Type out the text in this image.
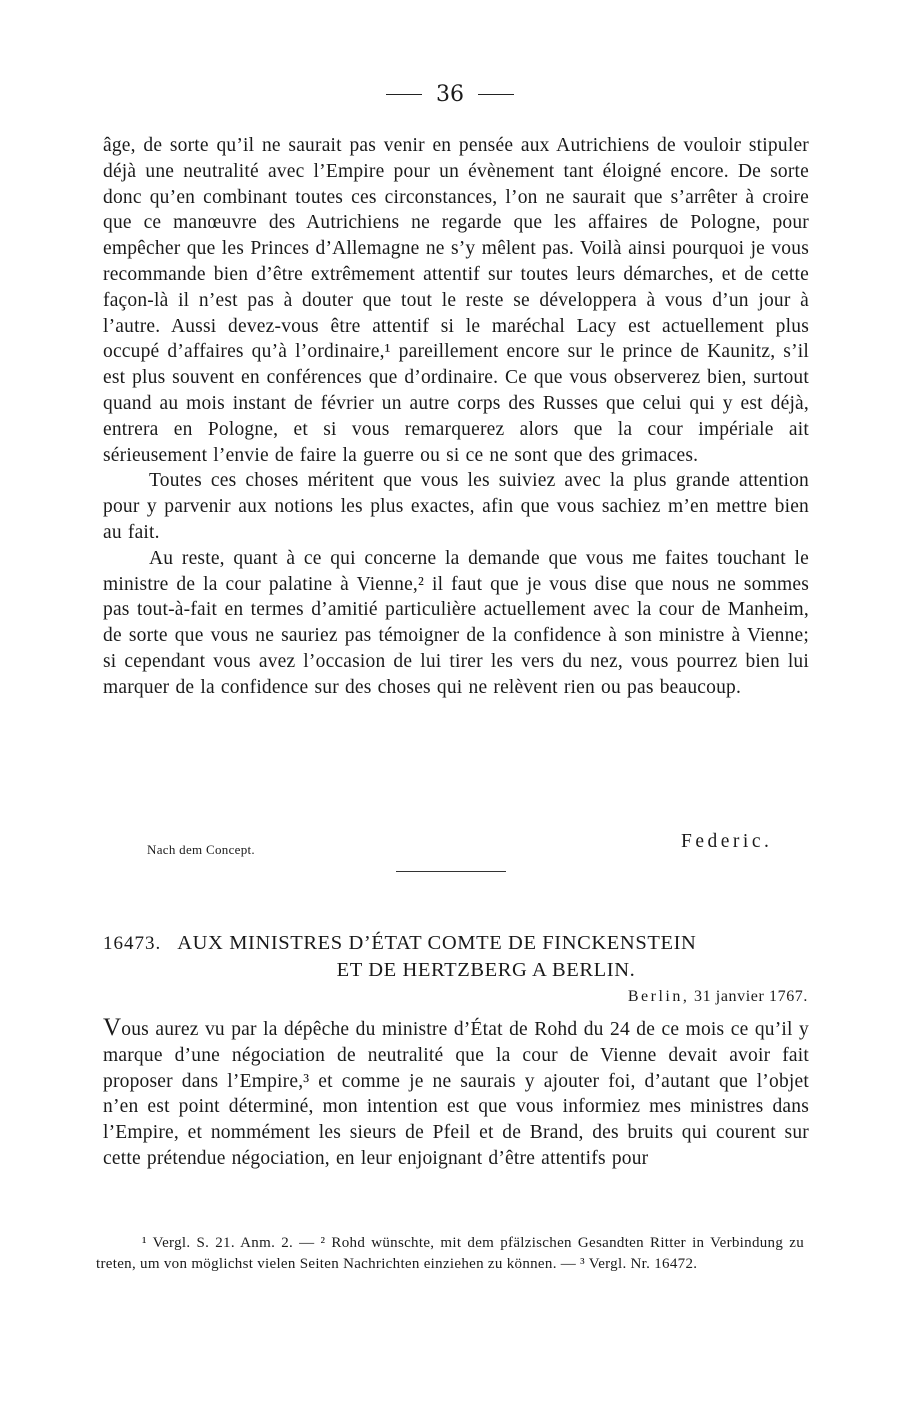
36

âge, de sorte qu’il ne saurait pas venir en pensée aux Autrichiens de vouloir stipuler déjà une neutralité avec l’Empire pour un évènement tant éloigné encore. De sorte donc qu’en combinant toutes ces circonstances, l’on ne saurait que s’arrêter à croire que ce manœuvre des Autrichiens ne regarde que les affaires de Pologne, pour empêcher que les Princes d’Allemagne ne s’y mêlent pas. Voilà ainsi pourquoi je vous recommande bien d’être extrêmement attentif sur toutes leurs démarches, et de cette façon-là il n’est pas à douter que tout le reste se développera à vous d’un jour à l’autre. Aussi devez-vous être attentif si le maréchal Lacy est actuellement plus occupé d’affaires qu’à l’ordinaire,¹ pareillement encore sur le prince de Kaunitz, s’il est plus souvent en conférences que d’ordinaire. Ce que vous observerez bien, surtout quand au mois instant de février un autre corps des Russes que celui qui y est déjà, entrera en Pologne, et si vous remarquerez alors que la cour impériale ait sérieusement l’envie de faire la guerre ou si ce ne sont que des grimaces.

Toutes ces choses méritent que vous les suiviez avec la plus grande attention pour y parvenir aux notions les plus exactes, afin que vous sachiez m’en mettre bien au fait.

Au reste, quant à ce qui concerne la demande que vous me faites touchant le ministre de la cour palatine à Vienne,² il faut que je vous dise que nous ne sommes pas tout-à-fait en termes d’amitié particulière actuellement avec la cour de Manheim, de sorte que vous ne sauriez pas témoigner de la confidence à son ministre à Vienne; si cependant vous avez l’occasion de lui tirer les vers du nez, vous pourrez bien lui marquer de la confidence sur des choses qui ne relèvent rien ou pas beaucoup.

Nach dem Concept.	Federic.
16473. AUX MINISTRES D’ÉTAT COMTE DE FINCKENSTEIN
ET DE HERTZBERG A BERLIN.
Berlin, 31 janvier 1767.

Vous aurez vu par la dépêche du ministre d’État de Rohd du 24 de ce mois ce qu’il y marque d’une négociation de neutralité que la cour de Vienne devait avoir fait proposer dans l’Empire,³ et comme je ne saurais y ajouter foi, d’autant que l’objet n’en est point déterminé, mon intention est que vous informiez mes ministres dans l’Empire, et nommément les sieurs de Pfeil et de Brand, des bruits qui courent sur cette prétendue négociation, en leur enjoignant d’être attentifs pour

¹ Vergl. S. 21. Anm. 2. — ² Rohd wünschte, mit dem pfälzischen Gesandten Ritter in Verbindung zu treten, um von möglichst vielen Seiten Nachrichten einziehen zu können. — ³ Vergl. Nr. 16472.
